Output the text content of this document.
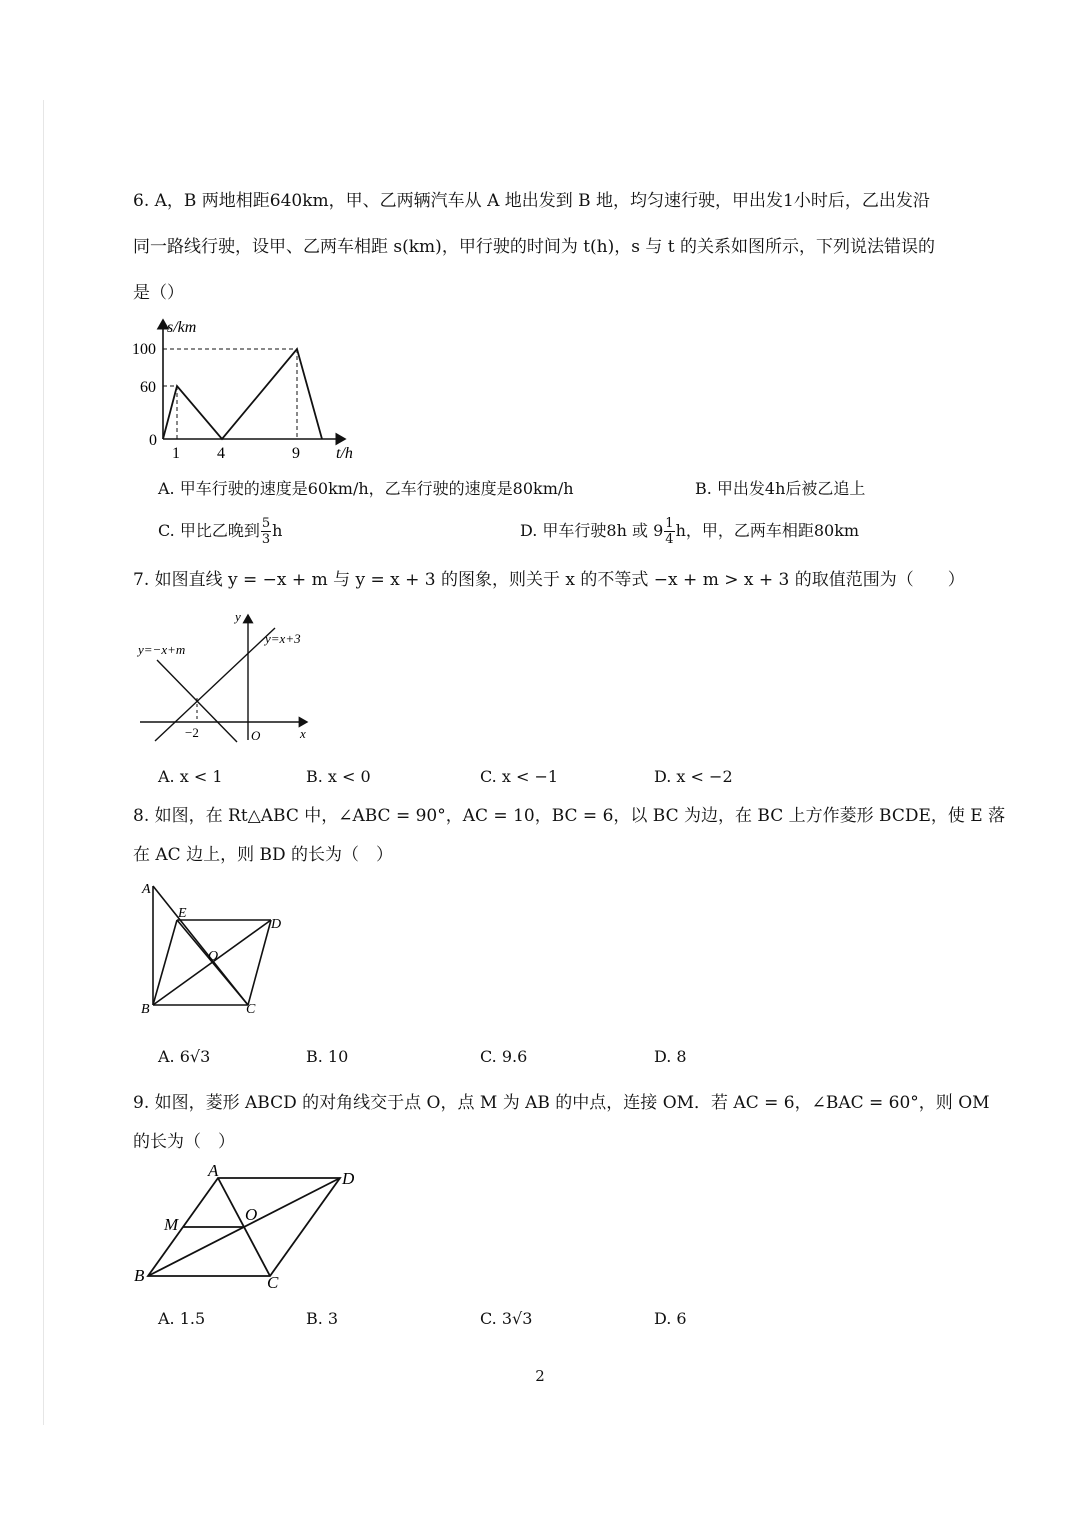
6. A，B 两地相距640km，甲、乙两辆汽车从 A 地出发到 B 地，均匀速行驶，甲出发1小时后，乙出发沿
同一路线行驶，设甲、乙两车相距 s(km)，甲行驶的时间为 t(h)，s 与 t 的关系如图所示，下列说法错误的
是（）
s/km
100
60
0
1 4	9 t/h
A. 甲车行驶的速度是60km/h，乙车行驶的速度是80km/h	B. 甲出发4h后被乙追上
C. 甲比乙晚到 $\frac{5}{3}$ h	D. 甲车行驶8h 或 $9 \frac{1}{4}$ h，甲，乙两车相距80km
7. 如图直线 y = −x + m 与 y = x + 3 的图象，则关于 x 的不等式 −x + m > x + 3 的取值范围为（　　）
y=−x+m
y=x+3
y
x
O
−2
A. x < 1	B. x < 0	C. x < −1	D. x < −2
8. 如图，在 Rt△ABC 中，∠ABC = 90°，AC = 10，BC = 6，以 BC 为边，在 BC 上方作菱形 BCDE，使 E 落
在 AC 边上，则 BD 的长为（　）
A
E
D
O
B	C
A. 6√3	B. 10	C. 9.6	D. 8
9. 如图，菱形 ABCD 的对角线交于点 O，点 M 为 AB 的中点，连接 OM．若 AC = 6，∠BAC = 60°，则 OM
的长为（　）
A	D
M
O
B	C
A. 1.5	B. 3	C. 3√3	D. 6
2
